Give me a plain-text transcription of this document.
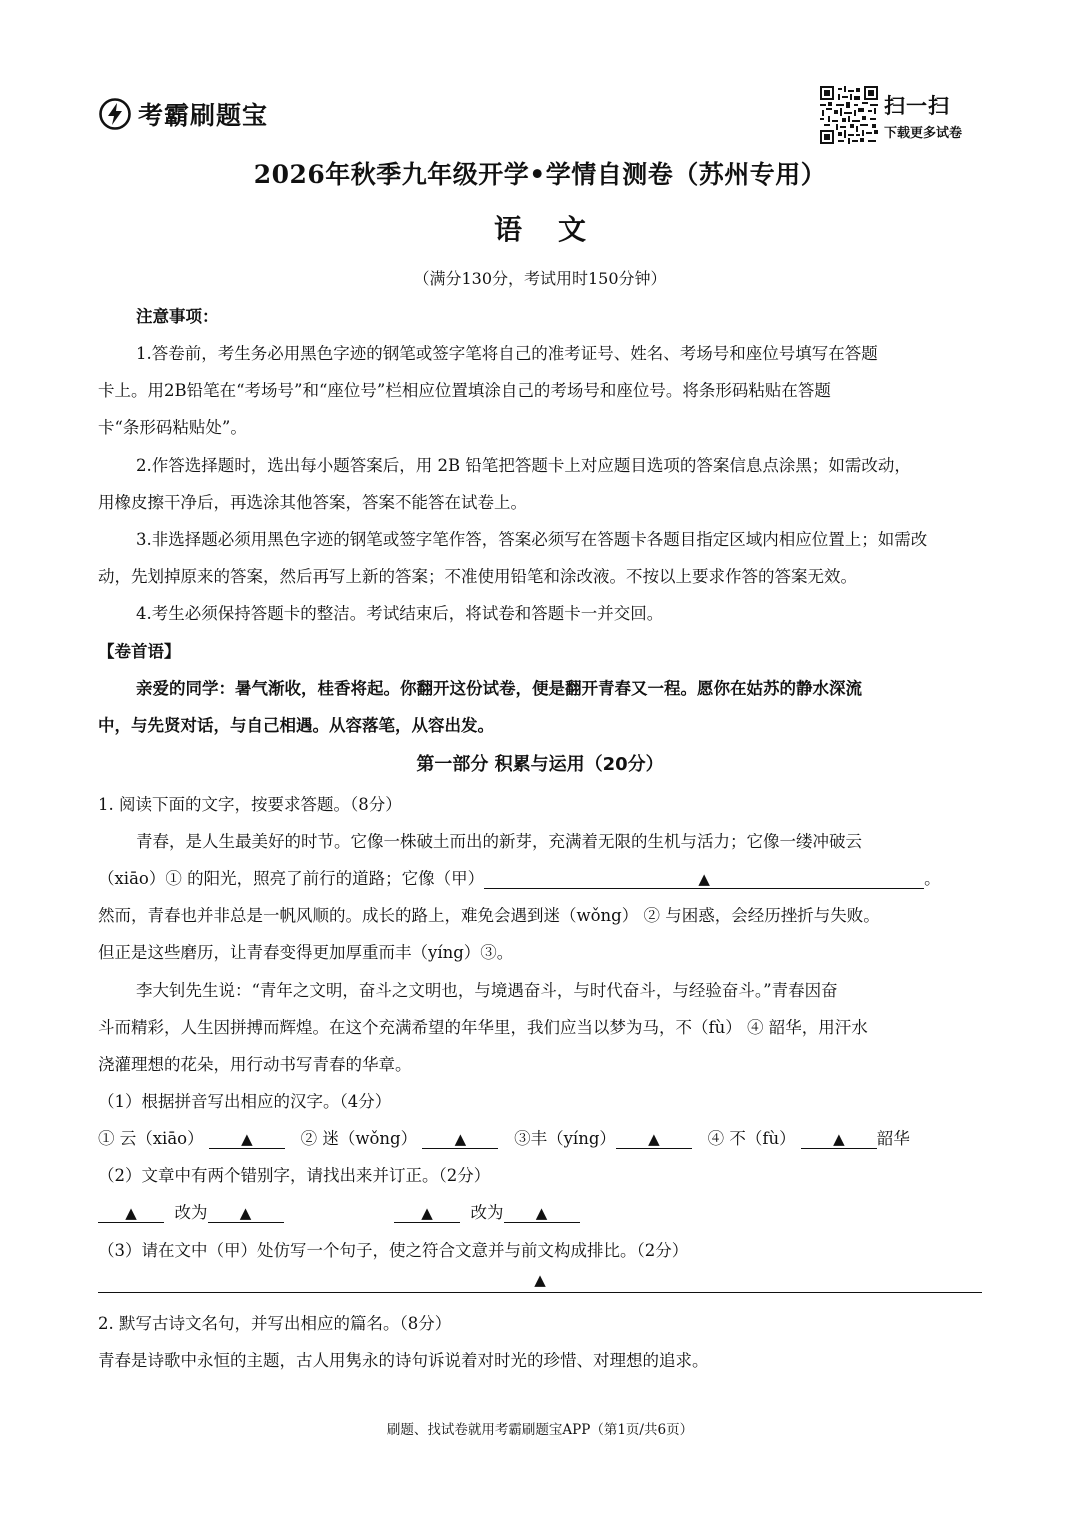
考霸刷题宝	扫一扫
下载更多试卷
2026年秋季九年级开学•学情自测卷（苏州专用）
语文
（满分130分，考试用时150分钟）
注意事项：
1.答卷前，考生务必用黑色字迹的钢笔或签字笔将自己的准考证号、姓名、考场号和座位号填写在答题
卡上。用2B铅笔在“考场号”和“座位号”栏相应位置填涂自己的考场号和座位号。将条形码粘贴在答题
卡“条形码粘贴处”。
2.作答选择题时，选出每小题答案后，用 2B 铅笔把答题卡上对应题目选项的答案信息点涂黑；如需改动，
用橡皮擦干净后，再选涂其他答案，答案不能答在试卷上。
3.非选择题必须用黑色字迹的钢笔或签字笔作答，答案必须写在答题卡各题目指定区域内相应位置上；如需改
动，先划掉原来的答案，然后再写上新的答案；不准使用铅笔和涂改液。不按以上要求作答的答案无效。
4.考生必须保持答题卡的整洁。考试结束后，将试卷和答题卡一并交回。
【卷首语】
亲爱的同学：暑气渐收，桂香将起。你翻开这份试卷，便是翻开青春又一程。愿你在姑苏的静水深流
中，与先贤对话，与自己相遇。从容落笔，从容出发。
第一部分 积累与运用（20分）
1. 阅读下面的文字，按要求答题。（8分）
青春，是人生最美好的时节。它像一株破土而出的新芽，充满着无限的生机与活力；它像一缕冲破云
（xiāo）① 的阳光，照亮了前行的道路；它像（甲）	▲	。
然而，青春也并非总是一帆风顺的。成长的路上，难免会遇到迷（wǒng） ② 与困惑，会经历挫折与失败。
但正是这些磨历，让青春变得更加厚重而丰（yíng）③。
李大钊先生说：“青年之文明，奋斗之文明也，与境遇奋斗，与时代奋斗，与经验奋斗。”青春因奋
斗而精彩，人生因拼搏而辉煌。在这个充满希望的年华里，我们应当以梦为马，不（fù） ④ 韶华，用汗水
浇灌理想的花朵，用行动书写青春的华章。
（1）根据拼音写出相应的汉字。（4分）
① 云（xiāo） ▲	② 迷（wǒng） ▲	③丰（yíng） ▲	④ 不（fù） ▲ 韶华
（2）文章中有两个错别字，请找出来并订正。（2分）
▲ 改为 ▲	▲ 改为 ▲
（3）请在文中（甲）处仿写一个句子，使之符合文意并与前文构成排比。（2分）
▲
2. 默写古诗文名句，并写出相应的篇名。（8分）
青春是诗歌中永恒的主题，古人用隽永的诗句诉说着对时光的珍惜、对理想的追求。
刷题、找试卷就用考霸刷题宝APP（第1页/共6页）
